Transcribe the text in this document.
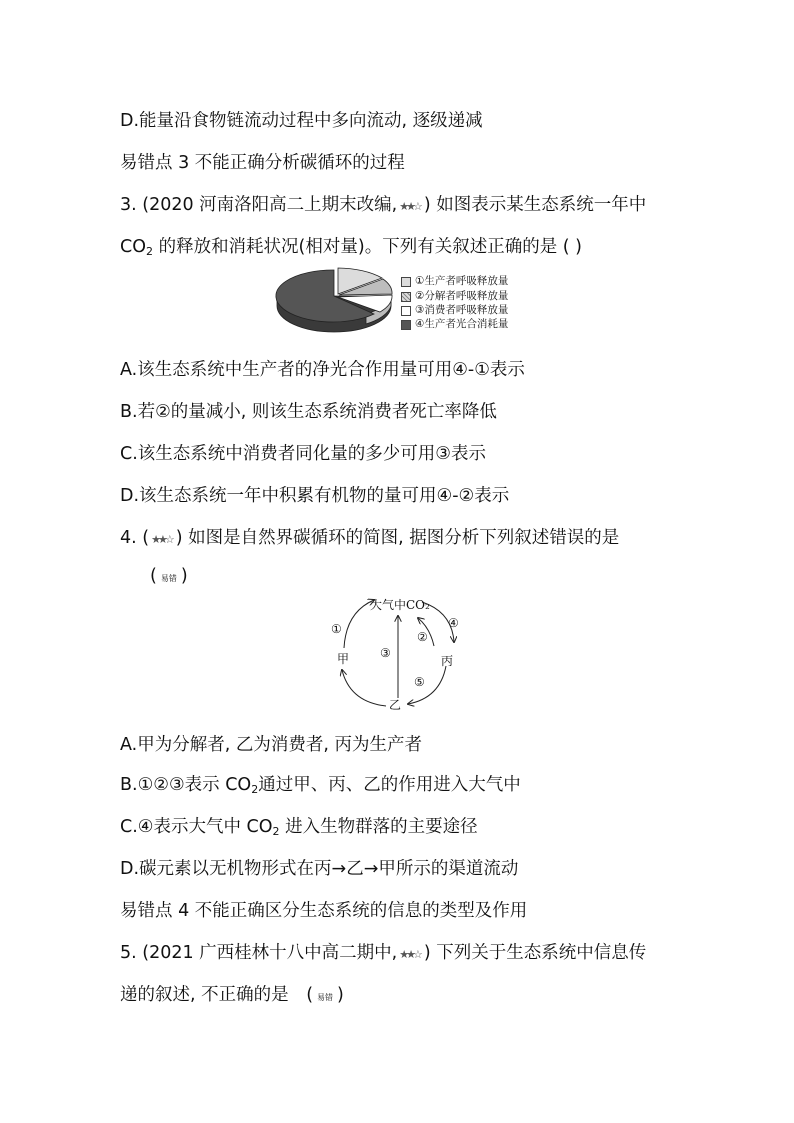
D.能量沿食物链流动过程中多向流动, 逐级递减
易错点 3 不能正确分析碳循环的过程
3. (2020 河南洛阳高二上期末改编, ★★☆ ) 如图表示某生态系统一年中
$CO_2$ 的释放和消耗状况(相对量)。下列有关叙述正确的是 ( )
①生产者呼吸释放量
②分解者呼吸释放量
③消费者呼吸释放量
④生产者光合消耗量
A.该生态系统中生产者的净光合作用量可用④-①表示
B.若②的量减小, 则该生态系统消费者死亡率降低
C.该生态系统中消费者同化量的多少可用③表示
D.该生态系统一年中积累有机物的量可用④-②表示
4. ( ★★☆ ) 如图是自然界碳循环的简图, 据图分析下列叙述错误的是
( 易错 )
大气中CO₂
甲	丙
乙
①
③
②
④
⑤
A.甲为分解者, 乙为消费者, 丙为生产者
B.①②③表示 $CO_2$通过甲、丙、乙的作用进入大气中
C.④表示大气中 $CO_2$ 进入生物群落的主要途径
D.碳元素以无机物形式在丙→乙→甲所示的渠道流动
易错点 4 不能正确区分生态系统的信息的类型及作用
5. (2021 广西桂林十八中高二期中, ★★☆ ) 下列关于生态系统中信息传
递的叙述, 不正确的是 ( 易错 )
